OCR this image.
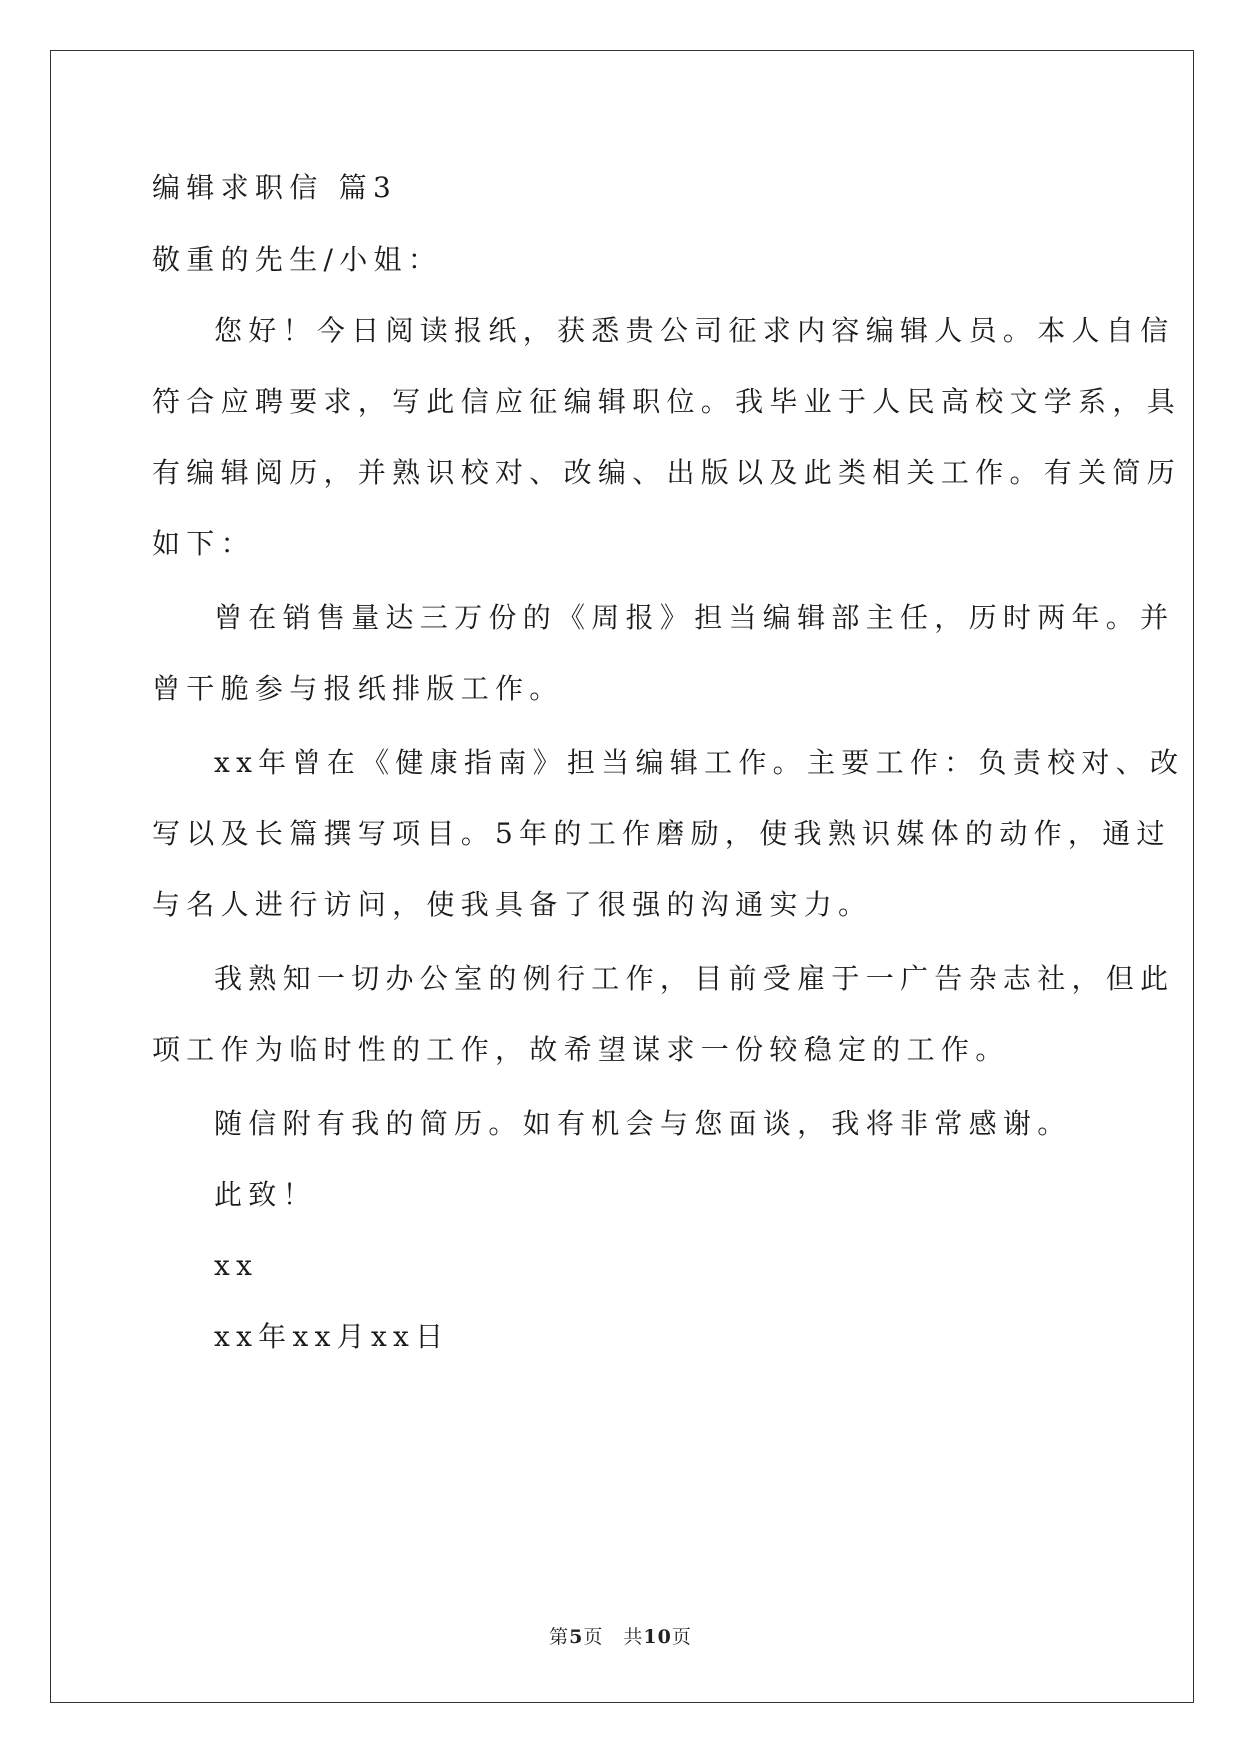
编辑求职信 篇3
敬重的先生/小姐：
您好！今日阅读报纸，获悉贵公司征求内容编辑人员。本人自信
符合应聘要求，写此信应征编辑职位。我毕业于人民高校文学系，具
有编辑阅历，并熟识校对、改编、出版以及此类相关工作。有关简历
如下：
曾在销售量达三万份的《周报》担当编辑部主任，历时两年。并
曾干脆参与报纸排版工作。
xx年曾在《健康指南》担当编辑工作。主要工作：负责校对、改
写以及长篇撰写项目。5年的工作磨励，使我熟识媒体的动作，通过
与名人进行访问，使我具备了很强的沟通实力。
我熟知一切办公室的例行工作，目前受雇于一广告杂志社，但此
项工作为临时性的工作，故希望谋求一份较稳定的工作。
随信附有我的简历。如有机会与您面谈，我将非常感谢。
此致！
xx
xx年xx月xx日
第5页　共10页
